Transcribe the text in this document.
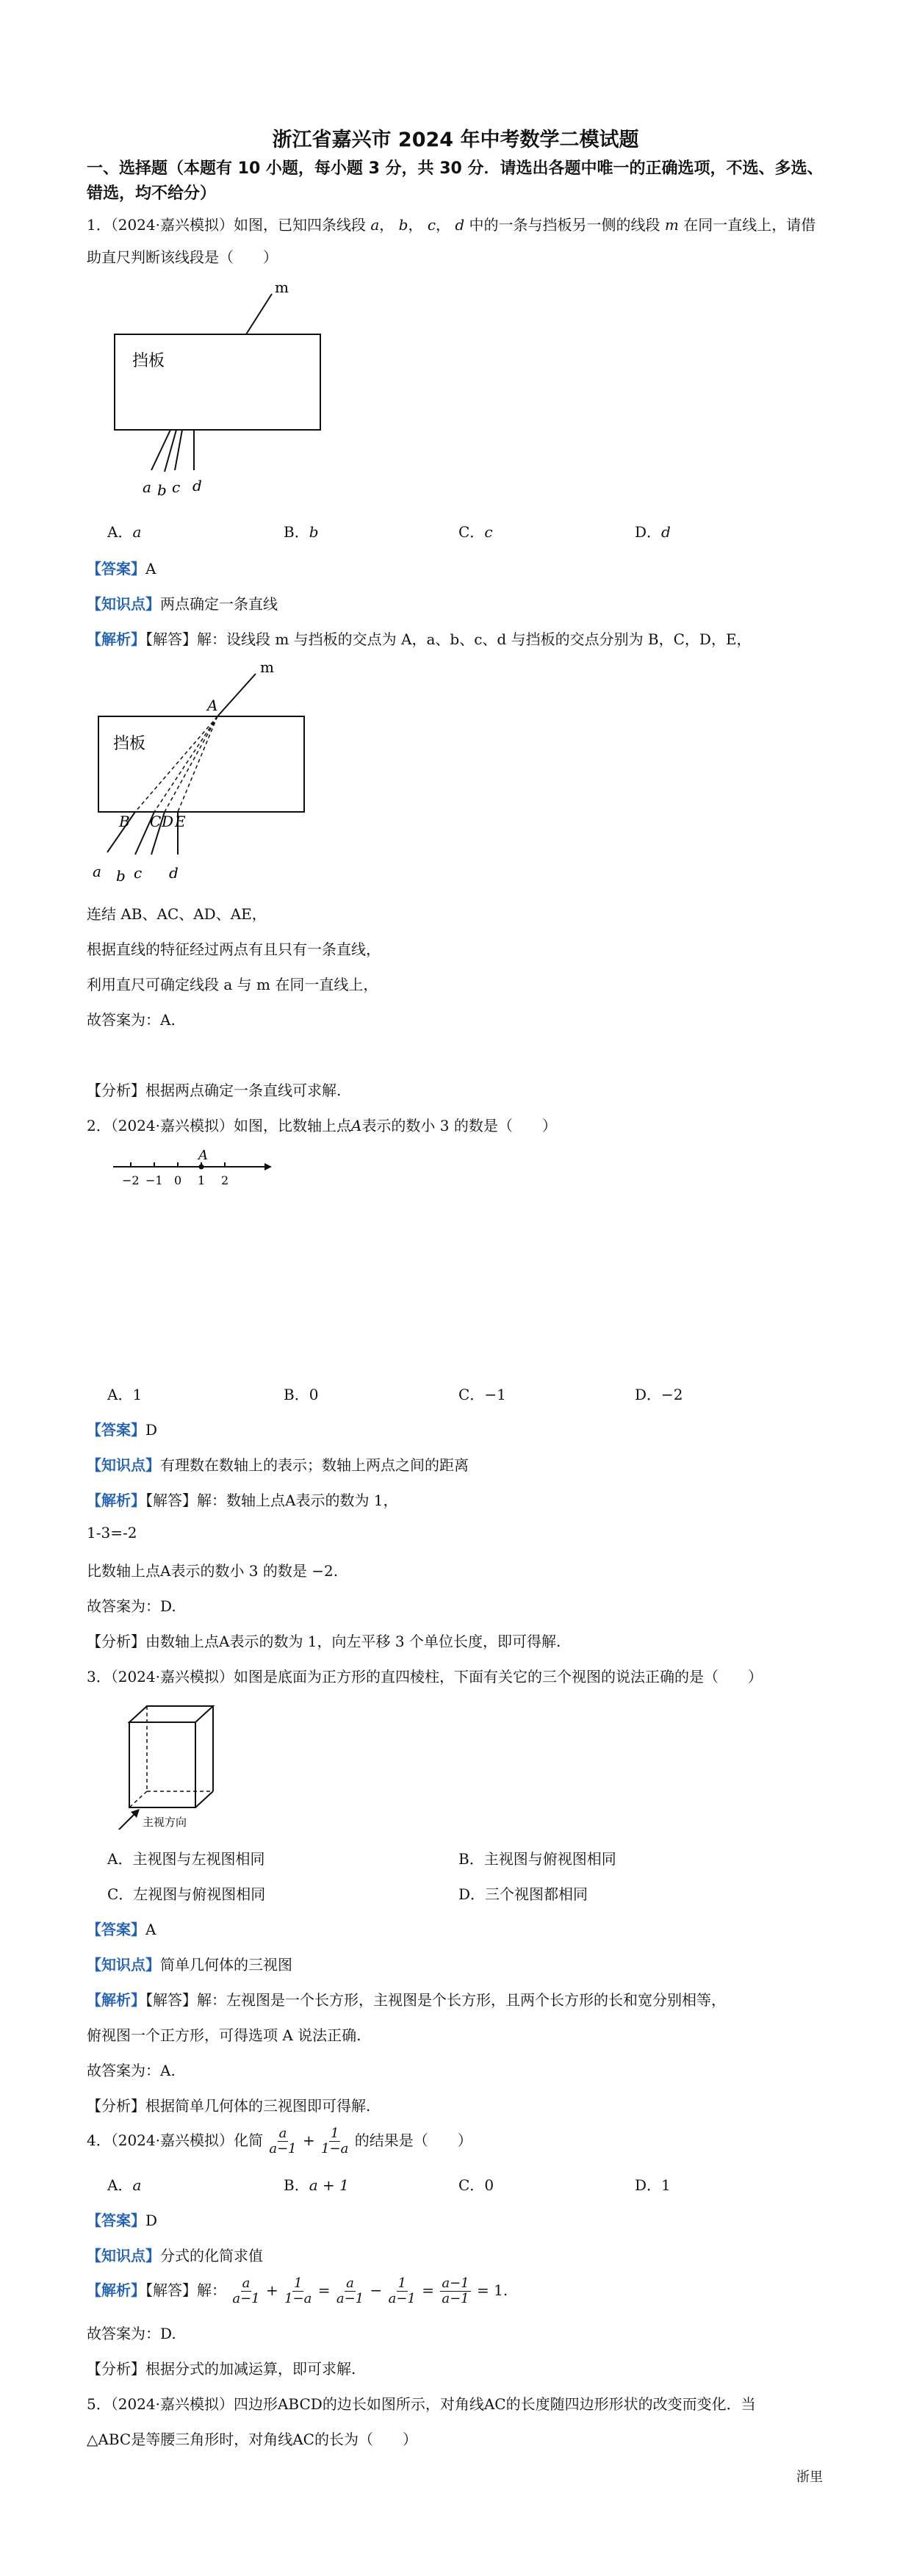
浙江省嘉兴市 2024 年中考数学二模试题
一、选择题（本题有 10 小题，每小题 3 分，共 30 分．请选出各题中唯一的正确选项，不选、多选、错选，均不给分）
1．（2024·嘉兴模拟）如图，已知四条线段 a， b， c， d 中的一条与挡板另一侧的线段 m 在同一直线上，请借助直尺判断该线段是（　　）
挡板
m
a b c d
A．a	B．b	C．c	D．d
【答案】A
【知识点】两点确定一条直线
【解析】【解答】解：设线段 m 与挡板的交点为 A，a、b、c、d 与挡板的交点分别为 B，C，D，E，
挡板
m
A
B C D E
a b c d
连结 AB、AC、AD、AE，
根据直线的特征经过两点有且只有一条直线，
利用直尺可确定线段 a 与 m 在同一直线上，
故答案为：A.
【分析】根据两点确定一条直线可求解.
2．（2024·嘉兴模拟）如图，比数轴上点A表示的数小 3 的数是（　　）
A
−2 −1 0 1 2
A．1	B．0	C．−1	D．−2
【答案】D
【知识点】有理数在数轴上的表示；数轴上两点之间的距离
【解析】【解答】解：数轴上点A表示的数为 1，
1-3=-2
比数轴上点A表示的数小 3 的数是 −2.
故答案为：D.
【分析】由数轴上点A表示的数为 1，向左平移 3 个单位长度，即可得解.
3．（2024·嘉兴模拟）如图是底面为正方形的直四棱柱，下面有关它的三个视图的说法正确的是（　　）
主视方向
A．主视图与左视图相同	B．主视图与俯视图相同
C．左视图与俯视图相同	D．三个视图都相同
【答案】A
【知识点】简单几何体的三视图
【解析】【解答】解：左视图是一个长方形，主视图是个长方形，且两个长方形的长和宽分别相等，
俯视图一个正方形，可得选项 A 说法正确.
故答案为：A.
【分析】根据简单几何体的三视图即可得解.
4．（2024·嘉兴模拟）化简 $\frac{a}{a-1} + \frac{1}{1-a}$ 的结果是（　　）
A．a	B．a + 1	C．0	D．1
【答案】D
【知识点】分式的化简求值
【解析】【解答】解： $\frac{a}{a-1} + \frac{1}{1-a} = \frac{a}{a-1} - \frac{1}{a-1} = \frac{a-1}{a-1} = 1$.
故答案为：D.
【分析】根据分式的加减运算，即可求解.
5．（2024·嘉兴模拟）四边形ABCD的边长如图所示，对角线AC的长度随四边形形状的改变而变化．当
△ABC是等腰三角形时，对角线AC的长为（　　）
浙里
